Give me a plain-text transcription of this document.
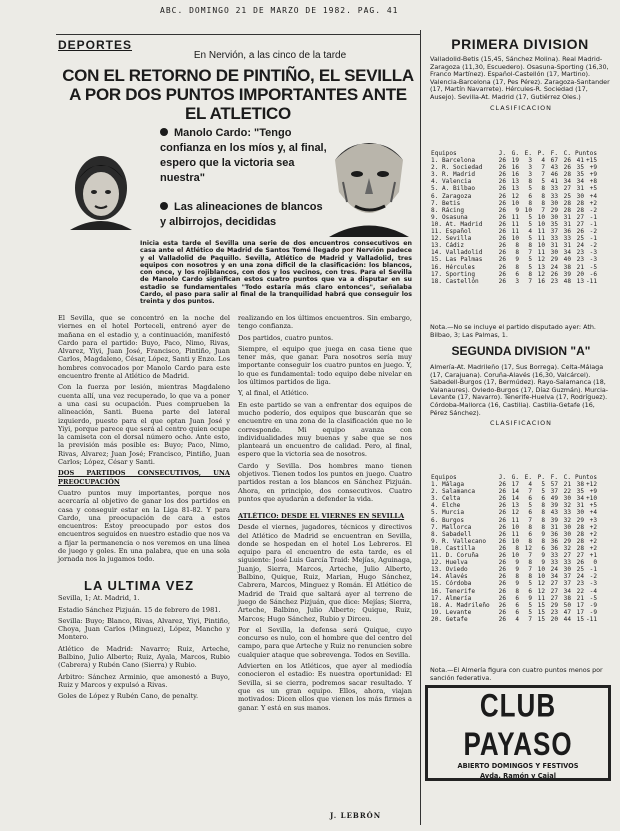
ABC. DOMINGO 21 DE MARZO DE 1982. PAG. 41
DEPORTES
En Nervión, a las cinco de la tarde
CON EL RETORNO DE PINTIÑO, EL SEVILLA A POR DOS PUNTOS IMPORTANTES ANTE EL ATLETICO
Manolo Cardo: "Tengo confianza en los míos y, al final, espero que la victoria sea nuestra"
Las alineaciones de blancos y albirrojos, decididas
Inicia esta tarde el Sevilla una serie de dos encuentros consecutivos en casa ante el Atlético de Madrid de Santos Tomé llegado por Nervión padece y el Valladolid de Paquillo. Sevilla, Atlético de Madrid y Valladolid, tres equipos con nosotros y en una zona dificil de la clasificación: los blancos, con once, y los rojiblancos, con dos y los vecinos, con tres. Para el Sevilla de Manolo Cardo significan estos cuatro puntos que va a disputar en su estadio se fundamentales "Todo estaría más claro entonces", señalaba Cardo, el paso para salir al final de la tranquilidad habrá que conseguir los treinta y dos puntos.

El Sevilla, que se concentró en la noche del viernes en el hotel Porteceli, entrenó ayer de mañana en el estadio y, a continuación, manifestó Cardo para el partido: Buyo, Paco, Nimo, Rivas, Alvarez, Yiyi, Juan José, Francisco, Pintiño, Juan Carlos, Magdaleno, César, López, Santi y Enzo. Los hombres convocados por Manolo Cardo para este encuentro frente al Atlético de Madrid.

Con la fuerza por lesión, mientras Magdaleno cuenta allí, una vez recuperado, lo que va a poner a una casi su ocupación. Pues comprueben la alineación, Santi. Buena parte del lateral izquierdo, puesto para el que optan Juan José y Yiyi, porque parece que será al centro quien ocupe la camiseta con el dorsal número ocho. Ante esto, la previsión más posible es: Buyo; Paco, Nimo, Rivas, Alvarez; Juan José; Francisco, Pintiño, Juan Carlos; López, César y Santi.

DOS PARTIDOS CONSECUTIVOS, UNA PREOCUPACIÓN

Cuatro puntos muy importantes, porque nos acercaría al objetivo de ganar los dos partidos en casa y conseguir estar en la Liga 81-82. Y para Cardo, una preocupación de cara a estos encuentros: Estoy preocupado por estos dos encuentros seguidos en nuestro estadio que nos va a fijar la permanencia o nos veremos en una línea de juego y goles. En una palabra, que en una sola jornada nos la jugamos todo.

LA ULTIMA VEZ

Sevilla, 1; At. Madrid, 1.

Estadio Sánchez Pizjuán. 15 de febrero de 1981.

Sevilla: Buyo; Blanco, Rivas, Alvarez, Yiyi, Pintiño, Choya, Juan Carlos (Minguez), López, Mancho y Montero.

Atlético de Madrid: Navarro; Ruiz, Arteche, Balbino, Julio Alberto; Ruiz, Ayala, Marcos, Rubio (Cabrera) y Rubén Cano (Sierra) y Rubio.

Árbitro: Sánchez Arminio, que amonestó a Buyo, Ruiz y Marcos y expulsó a Rivas.

Goles de López y Rubén Cano, de penalty.

realizando en los últimos encuentros. Sin embargo, tengo confianza.

Dos partidos, cuatro puntos.

Siempre, el equipo que juega en casa tiene que tener más, que ganar. Para nosotros sería muy importante conseguir los cuatro puntos en juego. Y, lo que es fundamental: todo equipo debe nivelar en los últimos partidos de liga.

Y, al final, el Atlético.

En este partido se van a enfrentar dos equipos de mucho poderío, dos equipos que buscarán que se encuentre en una zona de la clasificación que no le corresponde. Mi equipo avanza con individualidades muy buenas y sabe que se nos planteará un encuentro de calidad. Pero, al final, espero que la victoria sea de nosotros.

Cardo y Sevilla. Dos hombres mano tienen objetivos. Tienen todos los puntos en juego. Cuatro partidos restan a los blancos en Sánchez Pizjuán. Ahora, en principio, dos consecutivos. Cuatro puntos que ayudarán a defender la vida.

ATLÉTICO: DESDE EL VIERNES EN SEVILLA

Desde el viernes, jugadores, técnicos y directivos del Atlético de Madrid se encuentran en Sevilla, donde se hospedan en el hotel Los Lebreros. El equipo para el encuentro de esta tarde, es el siguiente: José Luis García Traid: Mejías, Aguinaga, Juanjo, Sierra, Marcos, Arteche, Julio Alberto, Balbino, Quique, Ruiz, Marian, Hugo Sánchez, Cabrera, Marcos, Minguez y Román. El Atlético de Madrid de Traid que saltará ayer al terreno de juego de Sánchez Pizjuán, que dice: Mejías; Sierra, Arteche, Balbino, Julio Alberto; Quique, Ruiz, Marcos; Hugo Sánchez, Rubio y Dirceu.

Por el Sevilla, la defensa será Quique, cuyo concurso es nulo, con el hombre que del centro del campo, para que Arteche y Ruiz no renuncien sobre cualquier ataque que sobrevenga. Todos en Sevilla.

Advierten en los Atléticos, que ayer al mediodía conocieron el estadio: Es nuestra oportunidad: El Sevilla, si se cierra, podremos sacar resultado. Y que es un gran equipo. Ellos, ahora, viajan motivados: Dicen ellos que vienen los más firmes a ganar. Y está en sus manos.

J. LEBRÓN
PRIMERA DIVISION
Valladolid-Betis (15,45, Sánchez Molina). Real Madrid-Zaragoza (11,30, Escuedero). Osasuna-Sporting (16,30, Franco Martínez). Español-Castellón (17, Martino). Valencia-Barcelona (17, Pes Pérez). Zaragoza-Santander (17, Martín Navarrete). Hércules-R. Sociedad (17, Ausejo). Sevilla-At. Madrid (17, Gutiérrez Oles.)
CLASIFICACION
Equipos	J.	G.	E.	P.	F.	C.	Puntos	
1. Barcelona	26	19	3	4	67	26	41	+15
2. R. Sociedad	26	16	3	7	43	26	35	+9
3. R. Madrid	26	16	3	7	46	28	35	+9
4. Valencia	26	13	8	5	41	34	34	+8
5. A. Bilbao	26	13	5	8	33	27	31	+5
6. Zaragoza	26	12	6	8	33	25	30	+4
7. Betis	26	10	8	8	30	28	28	+2
8. Rácing	26	9	10	7	29	28	28	-2
9. Osasuna	26	11	5	10	30	31	27	-1
10. At. Madrid	26	11	5	10	35	31	27	-1
11. Español	26	11	4	11	37	36	26	-2
12. Sevilla	26	10	5	11	33	33	25	-1
13. Cádiz	26	8	8	10	31	31	24	-2
14. Valladolid	26	8	7	11	30	34	23	-3
15. Las Palmas	26	9	5	12	29	40	23	-3
16. Hércules	26	8	5	13	24	38	21	-5
17. Sporting	26	6	8	12	26	39	20	-6
18. Castellón	26	3	7	16	23	48	13	-11
Nota.—No se incluye el partido disputado ayer: Ath. Bilbao, 3; Las Palmas, 1.
SEGUNDA DIVISION "A"
Almería-At. Madrileño (17, Sus Borrega). Celta-Málaga (17, Carajuana). Coruña-Alavés (16,30, Valcárcel). Sabadell-Burgos (17, Bermúdez). Rayo-Salamanca (18, Valanaures). Oviedo-Burgos (17, Díaz Guzmán). Murcia-Levante (17, Navarro). Tenerife-Huelva (17, Rodríguez). Córdoba-Mallorca (16, Castilla). Castilla-Getafe (16, Pérez Sánchez).
CLASIFICACION
Equipos	J.	G.	E.	P.	F.	C.	Puntos	
1. Málaga	26	17	4	5	57	21	38	+12
2. Salamanca	26	14	7	5	37	22	35	+9
3. Celta	26	14	6	6	49	30	34	+10
4. Elche	26	13	5	8	39	32	31	+5
5. Murcia	26	12	6	8	43	33	30	+4
6. Burgos	26	11	7	8	39	32	29	+3
7. Mallorca	26	10	8	8	31	30	28	+2
8. Sabadell	26	11	6	9	36	30	28	+2
9. R. Vallecano	26	10	8	8	36	29	28	+2
10. Castilla	26	8	12	6	36	32	28	+2
11. D. Coruña	26	10	7	9	33	27	27	+1
12. Huelva	26	9	8	9	33	33	26	0
13. Oviedo	26	9	7	10	24	30	25	-1
14. Alavés	26	8	8	10	34	37	24	-2
15. Córdoba	26	9	5	12	27	37	23	-3
16. Tenerife	26	8	6	12	27	34	22	-4
17. Almería	26	6	9	11	27	38	21	-5
18. A. Madrileño	26	6	5	15	29	50	17	-9
19. Levante	26	6	5	15	23	47	17	-9
20. Getafe	26	4	7	15	20	44	15	-11
Nota.—El Almería figura con cuatro puntos menos por sanción federativa.
CLUB PAYASO
ABIERTO DOMINGOS Y FESTIVOS
Avda. Ramón y Cajal
